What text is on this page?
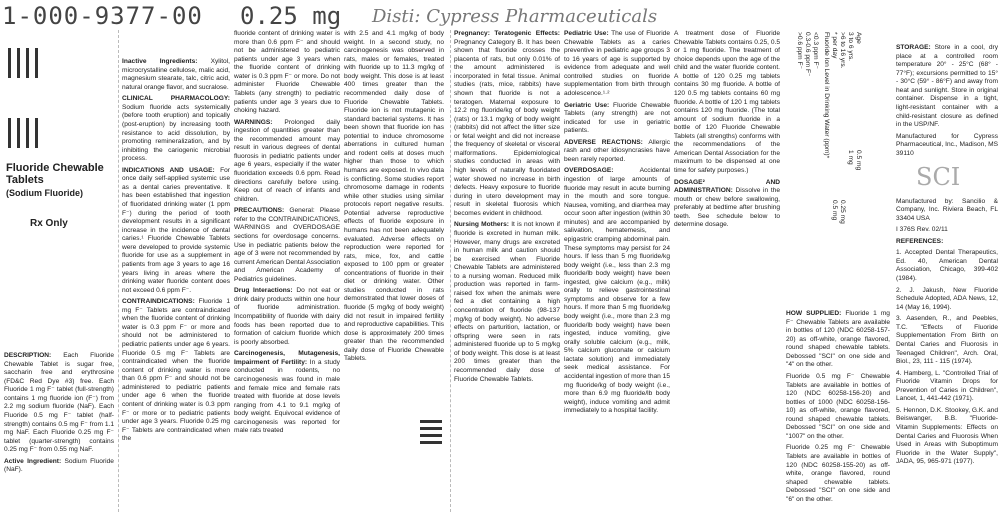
1-000-9377-00 0.25 mg Disti: Cypress Pharmaceuticals
Fluoride Chewable Tablets
(Sodium Fluoride)
Rx Only

DESCRIPTION: Each Fluoride Chewable Tablet is sugar free, saccharin free and erythrosine (FD&C Red Dye #3) free. Each Fluoride 1 mg F⁻ tablet (full-strength) contains 1 mg fluoride ion (F⁻) from 2.2 mg sodium fluoride (NaF). Each Fluoride 0.5 mg F⁻ tablet (half-strength) contains 0.5 mg F⁻ from 1.1 mg NaF. Each Fluoride 0.25 mg F⁻ tablet (quarter-strength) contains 0.25 mg F⁻ from 0.55 mg NaF.

Active Ingredient: Sodium Fluoride (NaF).

Inactive Ingredients: Xylitol, microcrystalline cellulose, malic acid, magnesium stearate, talc, citric acid, natural orange flavor, and sucralose.

CLINICAL PHARMACOLOGY: Sodium fluoride acts systemically (before tooth eruption) and topically (post-eruption) by increasing tooth resistance to acid dissolution, by promoting remineralization, and by inhibiting the cariogenic microbial process.

INDICATIONS AND USAGE: For once daily self-applied systemic use as a dental caries preventative. It has been established that ingestion of fluoridated drinking water (1 ppm F⁻) during the period of tooth development results in a significant increase in the incidence of dental caries.¹ Fluoride Chewable Tablets were developed to provide systemic fluoride for use as a supplement in patients from age 3 years to age 16 years living in areas where the drinking water fluoride content does not exceed 0.6 ppm F⁻.

CONTRAINDICATIONS: Fluoride 1 mg F⁻ Tablets are contraindicated when the fluoride content of drinking water is 0.3 ppm F⁻ or more and should not be administered to pediatric patients under age 6 years. Fluoride 0.5 mg F⁻ Tablets are contraindicated when the fluoride content of drinking water is more than 0.6 ppm F⁻ and should not be administered to pediatric patients under age 6 when the fluoride content of drinking water is 0.3 ppm F⁻ or more or to pediatric patients under age 3 years. Fluoride 0.25 mg F⁻ Tablets are contraindicated when the

fluoride content of drinking water is more than 0.6 ppm F⁻ and should not be administered to pediatric patients under age 3 years when the fluoride content of drinking water is 0.3 ppm F⁻ or more. Do not administer Fluoride Chewable Tablets (any strength) to pediatric patients under age 3 years due to choking hazard.

WARNINGS: Prolonged daily ingestion of quantities greater than the recommended amount may result in various degrees of dental fluorosis in pediatric patients under age 6 years, especially if the water fluoridation exceeds 0.6 ppm. Read directions carefully before using. Keep out of reach of infants and children.

PRECAUTIONS: General: Please refer to the CONTRAINDICATIONS, WARNINGS and OVERDOSAGE sections for overdosage concerns. Use in pediatric patients below the age of 3 were not recommended by current American Dental Association and American Academy of Pediatrics guidelines.

Drug Interactions: Do not eat or drink dairy products within one hour of fluoride administration. Incompatibility of fluoride with dairy foods has been reported due to formation of calcium fluoride which is poorly absorbed.

Carcinogenesis, Mutagenesis, Impairment of Fertility: In a study conducted in rodents, no carcinogenesis was found in male and female mice and female rats treated with fluoride at dose levels ranging from 4.1 to 9.1 mg/kg of body weight. Equivocal evidence of carcinogenesis was reported for male rats treated

with 2.5 and 4.1 mg/kg of body weight. In a second study, no carcinogenesis was observed in rats, males or females, treated with fluoride up to 11.3 mg/kg of body weight. This dose is at least 400 times greater than the recommended daily dose of Fluoride Chewable Tablets. Fluoride ion is not mutagenic in standard bacterial systems. It has been shown that fluoride ion has potential to induce chromosome aberrations in cultured human and rodent cells at doses much higher than those to which humans are exposed. In vivo data is conflicting. Some studies report chromosome damage in rodents while other studies using similar protocols report negative results. Potential adverse reproductive effects of fluoride exposure in humans has not been adequately evaluated. Adverse effects on reproduction were reported for rats, mice, fox, and cattle exposed to 100 ppm or greater concentrations of fluoride in their diet or drinking water. Other studies conducted in rats demonstrated that lower doses of fluoride (5 mg/kg of body weight) did not result in impaired fertility and reproductive capabilities. This dose is approximately 200 times greater than the recommended daily dose of Fluoride Chewable Tablets.

Pregnancy: Teratogenic Effects: Pregnancy Category B. It has been shown that fluoride crosses the placenta of rats, but only 0.01% of the amount administered is incorporated in fetal tissue. Animal studies (rats, mice, rabbits) have shown that fluoride is not a teratogen. Maternal exposure to 12.2 mg fluoride/kg of body weight (rats) or 13.1 mg/kg of body weight (rabbits) did not affect the litter size or fetal weight and did not increase the frequency of skeletal or visceral malformations. Epidemiological studies conducted in areas with high levels of naturally fluoridated water showed no increase in birth defects. Heavy exposure to fluoride during in utero development may result in skeletal fluorosis which becomes evident in childhood.

Nursing Mothers: It is not known if fluoride is excreted in human milk. However, many drugs are excreted in human milk and caution should be exercised when Fluoride Chewable Tablets are administered to a nursing woman. Reduced milk production was reported in farm-raised fox when the animals were fed a diet containing a high concentration of fluoride (98-137 mg/kg of body weight). No adverse effects on parturition, lactation, or offspring were seen in rats administered fluoride up to 5 mg/kg of body weight. This dose is at least 200 times greater than the recommended daily dose of Fluoride Chewable Tablets.

Pediatric Use: The use of Fluoride Chewable Tablets as a caries preventive in pediatric age groups 3 to 16 years of age is supported by evidence from adequate and well controlled studies on fluoride supplementation from birth through adolescence.¹·²

Geriatric Use: Fluoride Chewable Tablets (any strength) are not indicated for use in geriatric patients.

ADVERSE REACTIONS: Allergic rash and other idiosyncrasies have been rarely reported.

OVERDOSAGE:	Accidental ingestion of large amounts of fluoride may result in acute burning in the mouth and sore tongue. Nausea, vomiting, and diarrhea may occur soon after ingestion (within 30 minutes) and are accompanied by salivation, hematemesis, and epigastric cramping abdominal pain. These symptoms may persist for 24 hours. If less than 5 mg fluoride/kg body weight (i.e., less than 2.3 mg fluoride/lb body weight) have been ingested, give calcium (e.g., milk) orally to relieve gastrointestinal symptoms and observe for a few hours. If more than 5 mg fluoride/kg body weight (i.e., more than 2.3 mg fluoride/lb body weight) have been ingested, induce vomiting, give orally soluble calcium (e.g., milk, 5% calcium gluconate or calcium lactate solution) and immediately seek medical assistance. For accidental ingestion of more than 15 mg fluoride/kg of body weight (i.e., more than 6.9 mg fluoride/lb body weight), induce vomiting and admit immediately to a hospital facility.

A treatment dose of Fluoride Chewable Tablets contains 0.25, 0.5 or 1 mg fluoride. The treatment of choice depends upon the age of the child and the water fluoride content. A bottle of 120 0.25 mg tablets contains 30 mg fluoride. A bottle of 120 0.5 mg tablets contains 60 mg fluoride. A bottle of 120 1 mg tablets contains 120 mg fluoride. (The total amount of sodium fluoride in a bottle of 120 Fluoride Chewable Tablets (all strengths) conforms with the recommendations of the American Dental Association for the maximum to be dispensed at one time for safety purposes.)

DOSAGE² AND ADMINISTRATION: Dissolve in the mouth or chew before swallowing, preferably at bedtime after brushing teeth. See schedule below to determine dosage.

Age
3 to 6 yrs.
>6 to 16 yrs.
* per day
Fluoride Ion Level in Drinking Water (ppm)*
<0.3 ppm F⁻
0.3-0.6 ppm F⁻
>0.6 ppm F⁻
0.5 mg
1 mg
0.25 mg
0.5 mg

HOW SUPPLIED: Fluoride 1 mg F⁻ Chewable Tablets are available in bottles of 120 (NDC 60258-157-20) as off-white, orange flavored, round shaped chewable tablets. Debossed "SCI" on one side and "4" on the other.

Fluoride 0.5 mg F⁻ Chewable Tablets are available in bottles of 120 (NDC 60258-156-20) and bottles of 1000 (NDC 60258-156-10) as off-white, orange flavored, round shaped chewable tablets. Debossed "SCI" on one side and "1007" on the other.

Fluoride 0.25 mg F⁻ Chewable Tablets are available in bottles of 120 (NDC 60258-155-20) as off-white, orange flavored, round shaped chewable tablets. Debossed "SCI" on one side and "6" on the other.

STORAGE: Store in a cool, dry place at a controlled room temperature 20° - 25°C (68° - 77°F); excursions permitted to 15° - 30°C (59° - 86°F) and away from heat and sunlight. Store in original container. Dispense in a tight, light-resistant container with a child-resistant closure as defined in the USP/NF.

Manufactured for Cypress Pharmaceutical, Inc., Madison, MS 39110

SCI

Manufactured by: Sancilio & Company, Inc. Riviera Beach, FL 33404 USA

I 376S Rev. 02/11

REFERENCES:

1. Accepted Dental Therapeutics, Ed. 40, American Dental Association, Chicago, 399-402 (1984).

2. J. Jakush, New Fluoride Schedule Adopted, ADA News, 12, 14 (May 16, 1994).

3. Aasenden, R., and Peebles, T.C. "Effects of Fluoride Supplementation From Birth on Dental Caries and Fluorosis in Teenaged Children", Arch. Oral, Biol., 23, 111 - 115 (1974).

4. Hamberg, L. "Controlled Trial of Fluoride Vitamin Drops for Prevention of Caries in Children", Lancet, 1, 441-442 (1971).

5. Hennon, D.K. Stookey, G.K. and Beiswanger, B.B. "Fluoride-Vitamin Supplements: Effects on Dental Caries and Fluorosis When Used in Areas with Suboptimum Fluoride in the Water Supply", JADA, 95, 965-971 (1977).
